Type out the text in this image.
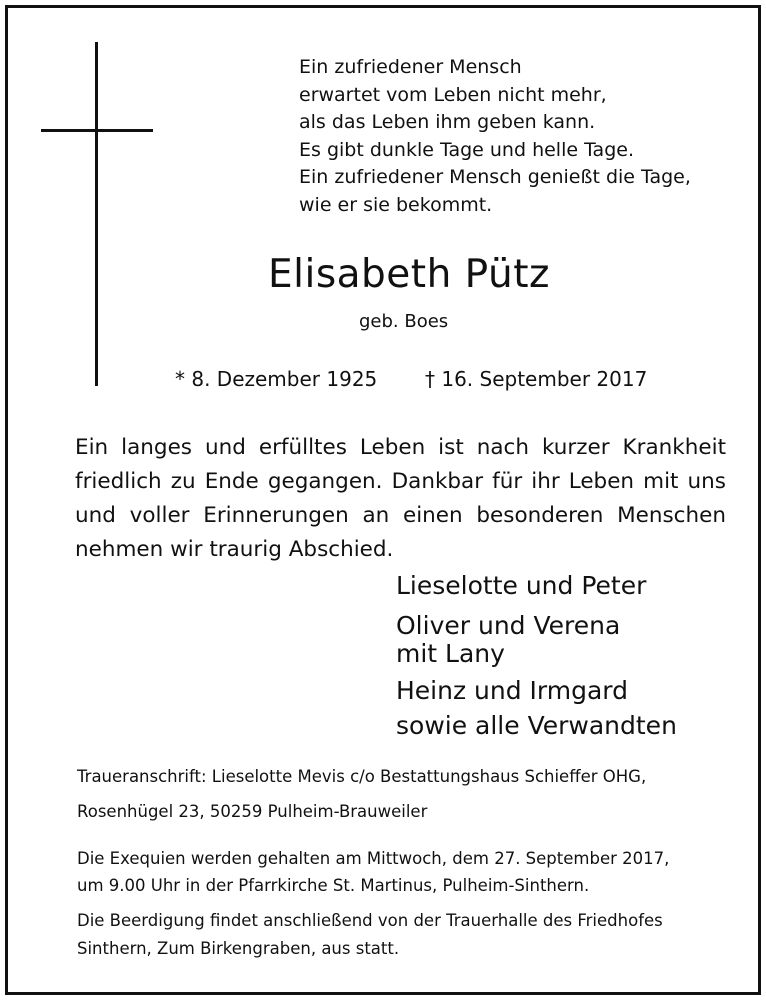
Ein zufriedener Mensch
erwartet vom Leben nicht mehr,
als das Leben ihm geben kann.
Es gibt dunkle Tage und helle Tage.
Ein zufriedener Mensch genießt die Tage,
wie er sie bekommt.
Elisabeth Pütz
geb. Boes
* 8. Dezember 1925 † 16. September 2017
Ein langes und erfülltes Leben ist nach kurzer Krankheit
friedlich zu Ende gegangen. Dankbar für ihr Leben mit uns
und voller Erinnerungen an einen besonderen Menschen
nehmen wir traurig Abschied.
Lieselotte und Peter
Oliver und Verena
mit Lany
Heinz und Irmgard
sowie alle Verwandten
Traueranschrift: Lieselotte Mevis c/o Bestattungshaus Schieffer OHG,
Rosenhügel 23, 50259 Pulheim-Brauweiler
Die Exequien werden gehalten am Mittwoch, dem 27. September 2017,
um 9.00 Uhr in der Pfarrkirche St. Martinus, Pulheim-Sinthern.
Die Beerdigung findet anschließend von der Trauerhalle des Friedhofes
Sinthern, Zum Birkengraben, aus statt.
